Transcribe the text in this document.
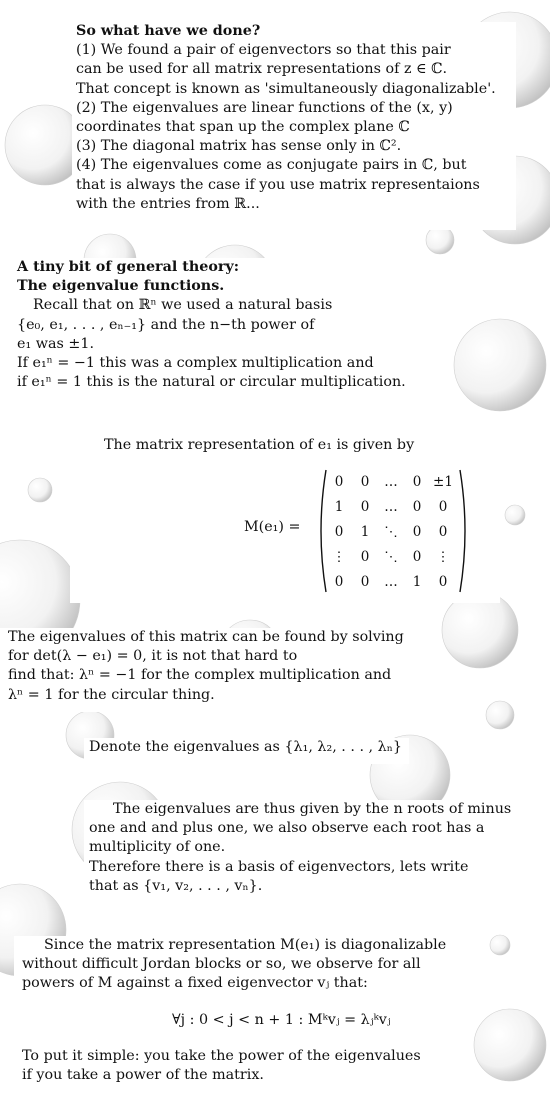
So what have we done?

(1) We found a pair of eigenvectors so that this pair

can be used for all matrix representations of z ∈ ℂ.

That concept is known as 'simultaneously diagonalizable'.

(2) The eigenvalues are linear functions of the (x, y)

coordinates that span up the complex plane ℂ

(3) The diagonal matrix has sense only in ℂ².

(4) The eigenvalues come as conjugate pairs in ℂ, but

that is always the case if you use matrix representaions

with the entries from ℝ...

A tiny bit of general theory:

The eigenvalue functions.

Recall that on ℝⁿ we used a natural basis

{e₀, e₁, . . . , eₙ₋₁} and the n−th power of

e₁ was ±1.

If e₁ⁿ = −1 this was a complex multiplication and

if e₁ⁿ = 1 this is the natural or circular multiplication.

The matrix representation of e₁ is given by

M(e₁) =
0	0	…	0 ±1
1	0	…	0	0
0	1	⋱	0	0
⋮	0	⋱	0	⋮
0	0	…	1	0

The eigenvalues of this matrix can be found by solving

for det(λ − e₁) = 0, it is not that hard to

find that: λⁿ = −1 for the complex multiplication and

λⁿ = 1 for the circular thing.

Denote the eigenvalues as {λ₁, λ₂, . . . , λₙ}

The eigenvalues are thus given by the n roots of minus

one and and plus one, we also observe each root has a

multiplicity of one.

Therefore there is a basis of eigenvectors, lets write

that as {v₁, v₂, . . . , vₙ}.

Since the matrix representation M(e₁) is diagonalizable

without difficult Jordan blocks or so, we observe for all

powers of M against a fixed eigenvector vⱼ that:

∀j : 0 < j < n + 1 : Mᵏvⱼ = λⱼᵏvⱼ

To put it simple: you take the power of the eigenvalues

if you take a power of the matrix.
